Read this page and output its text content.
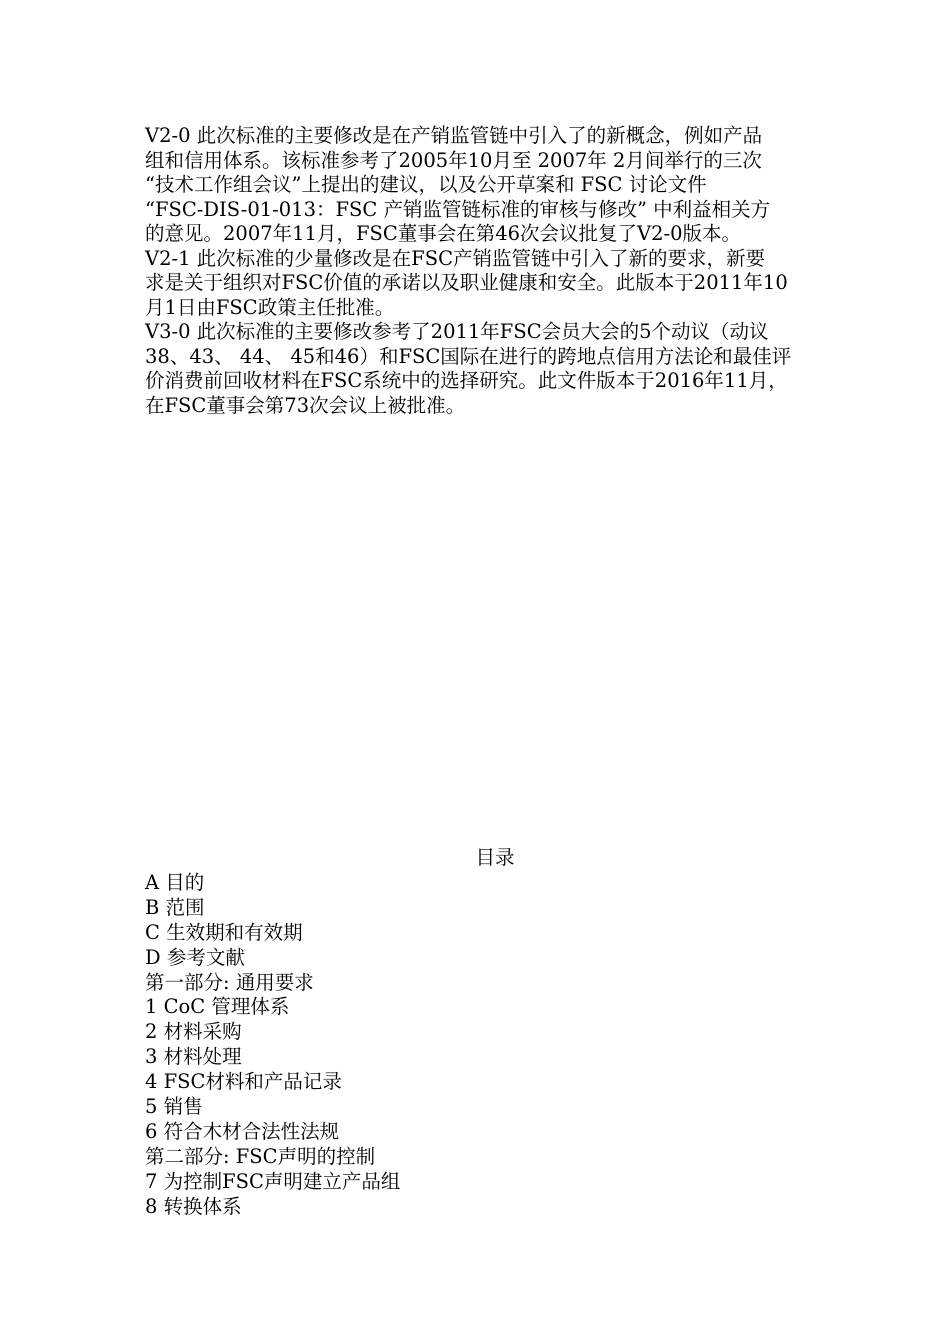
V2-0 此次标准的主要修改是在产销监管链中引入了的新概念，例如产品
组和信用体系。该标准参考了2005年10月至 2007年 2月间举行的三次
“技术工作组会议”上提出的建议，以及公开草案和 FSC 讨论文件
“FSC-DIS-01-013：FSC 产销监管链标准的审核与修改” 中利益相关方
的意见。2007年11月，FSC董事会在第46次会议批复了V2-0版本。
V2-1 此次标准的少量修改是在FSC产销监管链中引入了新的要求，新要
求是关于组织对FSC价值的承诺以及职业健康和安全。此版本于2011年10
月1日由FSC政策主任批准。
V3-0 此次标准的主要修改参考了2011年FSC会员大会的5个动议（动议
38、43、 44、 45和46）和FSC国际在进行的跨地点信用方法论和最佳评
价消费前回收材料在FSC系统中的选择研究。此文件版本于2016年11月，
在FSC董事会第73次会议上被批准。
目录
A 目的
B 范围
C 生效期和有效期
D 参考文献
第一部分: 通用要求
1 CoC 管理体系
2 材料采购
3 材料处理
4 FSC材料和产品记录
5 销售
6 符合木材合法性法规
第二部分: FSC声明的控制
7 为控制FSC声明建立产品组
8 转换体系
